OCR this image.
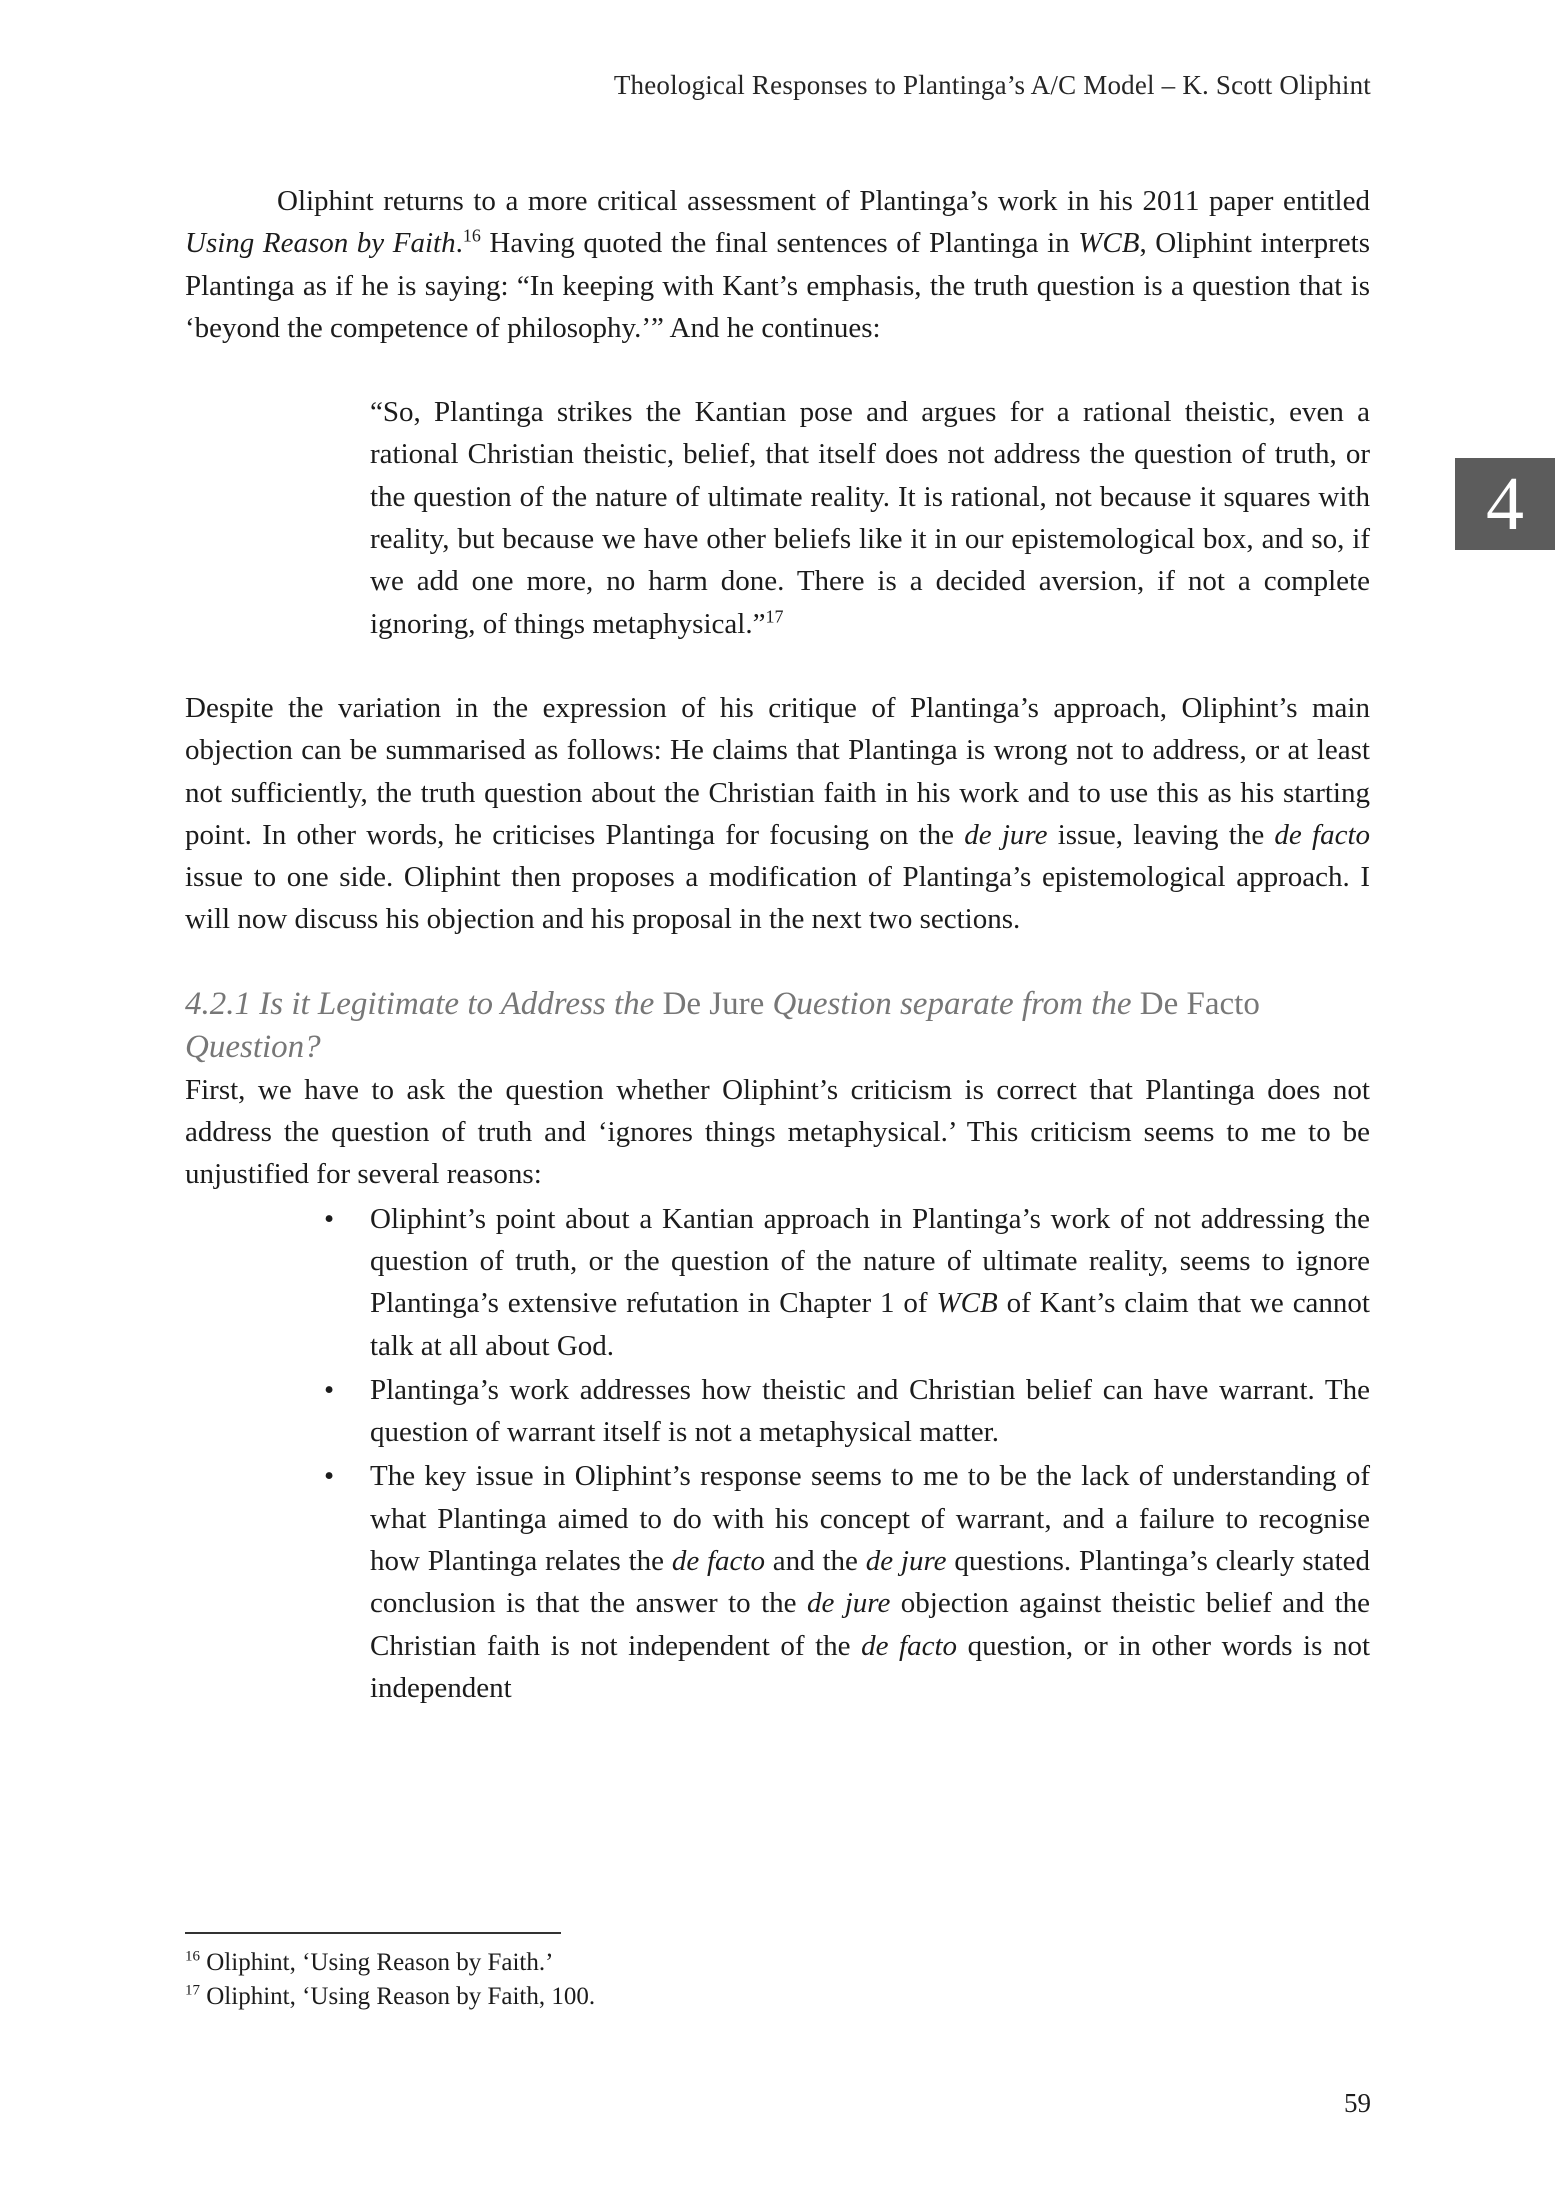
Theological Responses to Plantinga’s A/C Model – K. Scott Oliphint
4

Oliphint returns to a more critical assessment of Plantinga’s work in his 2011 paper entitled Using Reason by Faith.$^{16}$ Having quoted the final sentences of Plantinga in WCB, Oliphint interprets Plantinga as if he is saying: “In keeping with Kant’s emphasis, the truth question is a question that is ‘beyond the competence of philosophy.’” And he continues:

“So, Plantinga strikes the Kantian pose and argues for a rational theistic, even a rational Christian theistic, belief, that itself does not address the question of truth, or the question of the nature of ultimate reality. It is rational, not because it squares with reality, but because we have other beliefs like it in our epistemological box, and so, if we add one more, no harm done. There is a decided aversion, if not a complete ignoring, of things metaphysical.”$^{17}$

Despite the variation in the expression of his critique of Plantinga’s approach, Oliphint’s main objection can be summarised as follows: He claims that Plantinga is wrong not to address, or at least not sufficiently, the truth question about the Christian faith in his work and to use this as his starting point. In other words, he criticises Plantinga for focusing on the de jure issue, leaving the de facto issue to one side. Oliphint then proposes a modification of Plantinga’s epistemological approach. I will now discuss his objection and his proposal in the next two sections.

4.2.1 Is it Legitimate to Address the De Jure Question separate from the De Facto Question?

First, we have to ask the question whether Oliphint’s criticism is correct that Plantinga does not address the question of truth and ‘ignores things metaphysical.’ This criticism seems to me to be unjustified for several reasons:

• Oliphint’s point about a Kantian approach in Plantinga’s work of not addressing the question of truth, or the question of the nature of ultimate reality, seems to ignore Plantinga’s extensive refutation in Chapter 1 of WCB of Kant’s claim that we cannot talk at all about God.
• Plantinga’s work addresses how theistic and Christian belief can have warrant. The question of warrant itself is not a metaphysical matter.
• The key issue in Oliphint’s response seems to me to be the lack of understanding of what Plantinga aimed to do with his concept of warrant, and a failure to recognise how Plantinga relates the de facto and the de jure questions. Plantinga’s clearly stated conclusion is that the answer to the de jure objection against theistic belief and the Christian faith is not independent of the de facto question, or in other words is not independent
$^{16}$ Oliphint, ‘Using Reason by Faith.’
$^{17}$ Oliphint, ‘Using Reason by Faith, 100.
59
